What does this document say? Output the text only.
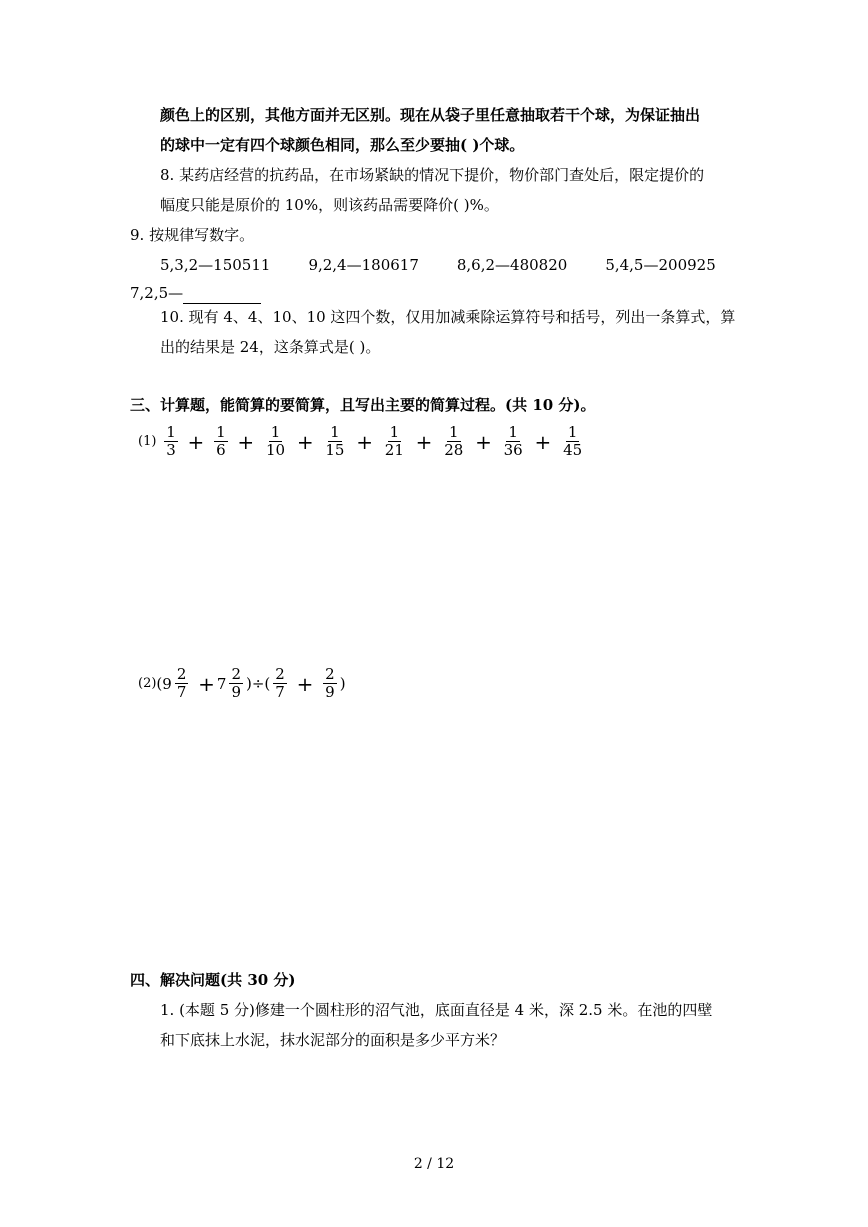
颜色上的区别，其他方面并无区别。现在从袋子里任意抽取若干个球，为保证抽出
的球中一定有四个球颜色相同，那么至少要抽( )个球。
8. 某药店经营的抗药品，在市场紧缺的情况下提价，物价部门查处后，限定提价的
幅度只能是原价的 10%，则该药品需要降价( )%。
9. 按规律写数字。
5,3,2—150511	9,2,4—180617	8,6,2—480820	5,4,5—200925
7,2,5—
10. 现有 4、4、10、10 这四个数，仅用加减乘除运算符号和括号，列出一条算式，算
出的结果是 24，这条算式是( )。
三、计算题，能简算的要简算，且写出主要的简算过程。(共 10 分)。
$(1) \frac{1}{3} + \frac{1}{6} + \frac{1}{10} + \frac{1}{15} + \frac{1}{21} + \frac{1}{28} + \frac{1}{36} + \frac{1}{45}$
(2)( $9 \frac{2}{7} + 7 \frac{2}{9}$ )÷( $\frac{2}{7} + \frac{2}{9}$ )
四、解决问题(共 30 分)
1. (本题 5 分)修建一个圆柱形的沼气池，底面直径是 4 米，深 2.5 米。在池的四壁
和下底抹上水泥，抹水泥部分的面积是多少平方米？
2 / 12
